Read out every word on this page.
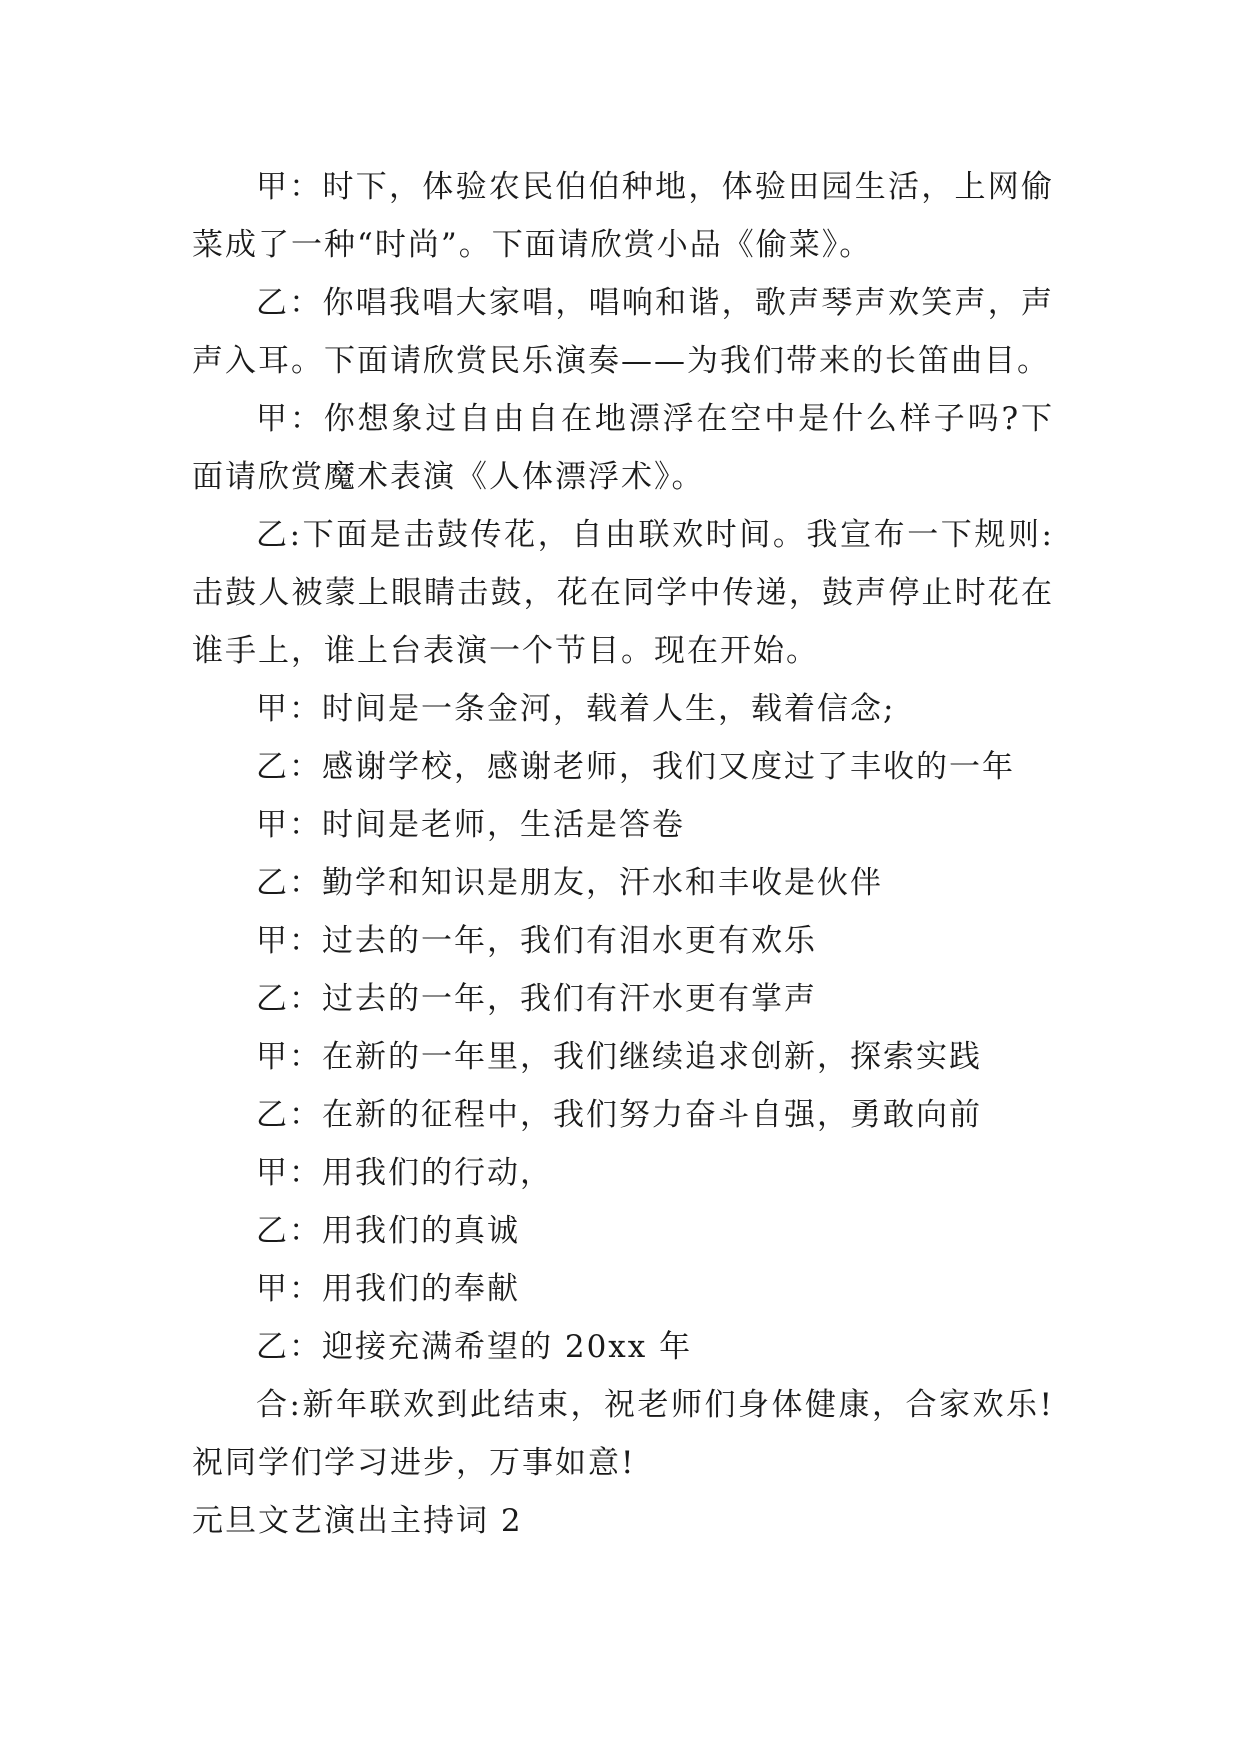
甲：时下，体验农民伯伯种地，体验田园生活，上网偷菜成了一种“时尚”。下面请欣赏小品《偷菜》。

乙：你唱我唱大家唱，唱响和谐，歌声琴声欢笑声，声声入耳。下面请欣赏民乐演奏——为我们带来的长笛曲目。

甲：你想象过自由自在地漂浮在空中是什么样子吗?下面请欣赏魔术表演《人体漂浮术》。

乙:下面是击鼓传花，自由联欢时间。我宣布一下规则:击鼓人被蒙上眼睛击鼓，花在同学中传递，鼓声停止时花在谁手上，谁上台表演一个节目。现在开始。

甲：时间是一条金河，载着人生，载着信念;

乙：感谢学校，感谢老师，我们又度过了丰收的一年

甲：时间是老师，生活是答卷

乙：勤学和知识是朋友，汗水和丰收是伙伴

甲：过去的一年，我们有泪水更有欢乐

乙：过去的一年，我们有汗水更有掌声

甲：在新的一年里，我们继续追求创新，探索实践

乙：在新的征程中，我们努力奋斗自强，勇敢向前

甲：用我们的行动，

乙：用我们的真诚

甲：用我们的奉献

乙：迎接充满希望的 20xx 年

合:新年联欢到此结束，祝老师们身体健康，合家欢乐!祝同学们学习进步，万事如意!

元旦文艺演出主持词 2
